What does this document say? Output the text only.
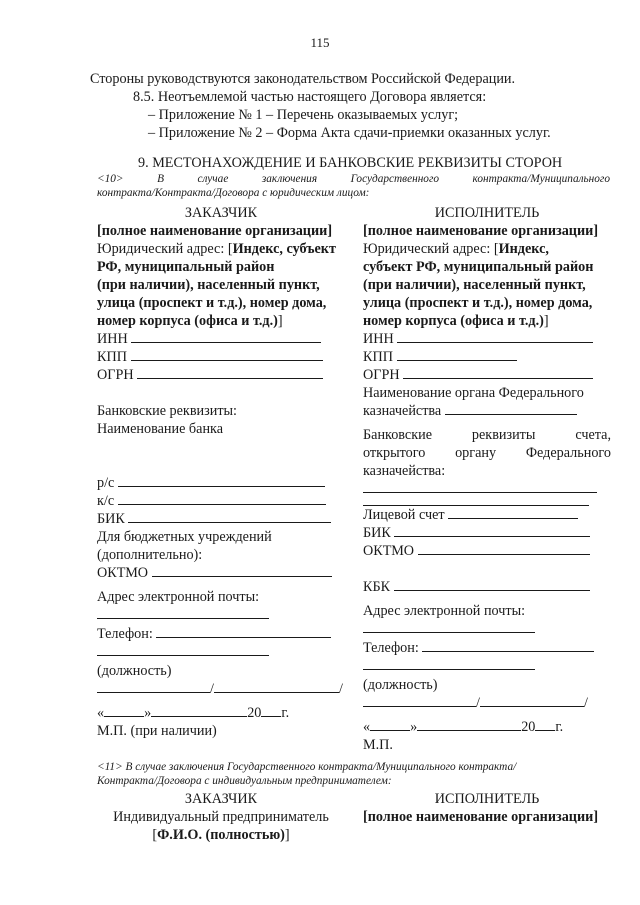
115
Стороны руководствуются законодательством Российской Федерации.
8.5. Неотъемлемой частью настоящего Договора является:
– Приложение № 1 – Перечень оказываемых услуг;
– Приложение № 2 – Форма Акта сдачи-приемки оказанных услуг.
9. МЕСТОНАХОЖДЕНИЕ И БАНКОВСКИЕ РЕКВИЗИТЫ СТОРОН
<10>	В	случае	заключения	Государственного	контракта/Муниципального
контракта/Контракта/Договора с юридическим лицом:
ЗАКАЗЧИК
[полное наименование организации]
Юридический адрес: [Индекс, субъект
РФ, муниципальный район
(при наличии), населенный пункт,
улица (проспект и т.д.), номер дома,
номер корпуса (офиса и т.д.)]
ИНН
КПП
ОГРН
Банковские реквизиты:
Наименование банка
р/с
к/с
БИК
Для бюджетных учреждений
(дополнительно):
ОКТМО
Адрес электронной почты:
Телефон:
(должность)
/	/
«	»	20 г.
М.П. (при наличии)
ИСПОЛНИТЕЛЬ
[полное наименование организации]
Юридический адрес: [Индекс,
субъект РФ, муниципальный район
(при наличии), населенный пункт,
улица (проспект и т.д.), номер дома,
номер корпуса (офиса и т.д.)]
ИНН
КПП
ОГРН
Наименование органа Федерального
казначейства
Банковские	реквизиты	счета,
открытого органу Федерального
казначейства:
Лицевой счет
БИК
ОКТМО
КБК
Адрес электронной почты:
Телефон:
(должность)
/	/
«	»	20 г.
М.П.
<11> В случае заключения Государственного контракта/Муниципального контракта/
Контракта/Договора с индивидуальным предпринимателем:
ЗАКАЗЧИК	ИСПОЛНИТЕЛЬ
Индивидуальный предприниматель	[полное наименование организации]
[Ф.И.О. (полностью)]
